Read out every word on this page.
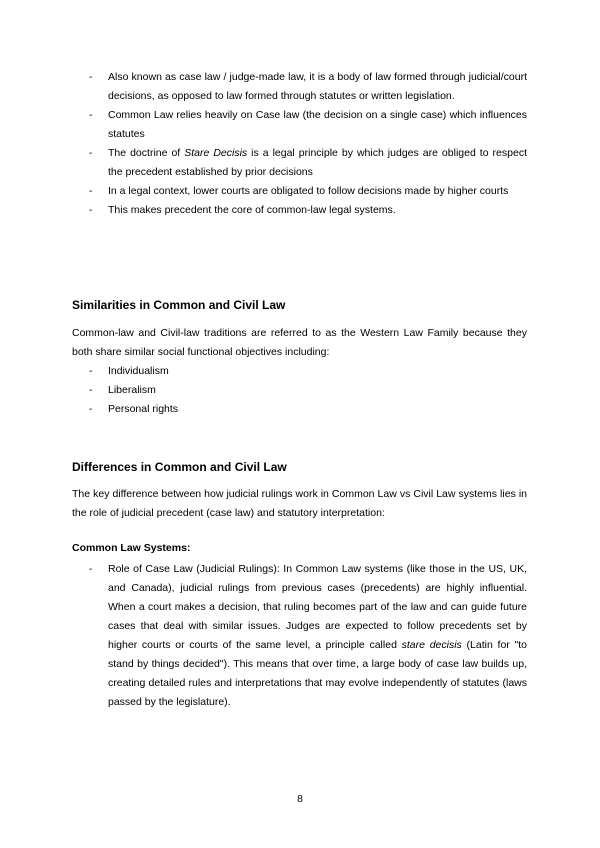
- Also known as case law / judge-made law, it is a body of law formed through judicial/court decisions, as opposed to law formed through statutes or written legislation.
- Common Law relies heavily on Case law (the decision on a single case) which influences statutes
- The doctrine of Stare Decisis is a legal principle by which judges are obliged to respect the precedent established by prior decisions
- In a legal context, lower courts are obligated to follow decisions made by higher courts
- This makes precedent the core of common-law legal systems.
Similarities in Common and Civil Law
Common-law and Civil-law traditions are referred to as the Western Law Family because they both share similar social functional objectives including:
- Individualism
- Liberalism
- Personal rights
Differences in Common and Civil Law
The key difference between how judicial rulings work in Common Law vs Civil Law systems lies in the role of judicial precedent (case law) and statutory interpretation:
Common Law Systems:
- Role of Case Law (Judicial Rulings): In Common Law systems (like those in the US, UK, and Canada), judicial rulings from previous cases (precedents) are highly influential. When a court makes a decision, that ruling becomes part of the law and can guide future cases that deal with similar issues. Judges are expected to follow precedents set by higher courts or courts of the same level, a principle called stare decisis (Latin for "to stand by things decided"). This means that over time, a large body of case law builds up, creating detailed rules and interpretations that may evolve independently of statutes (laws passed by the legislature).
8
